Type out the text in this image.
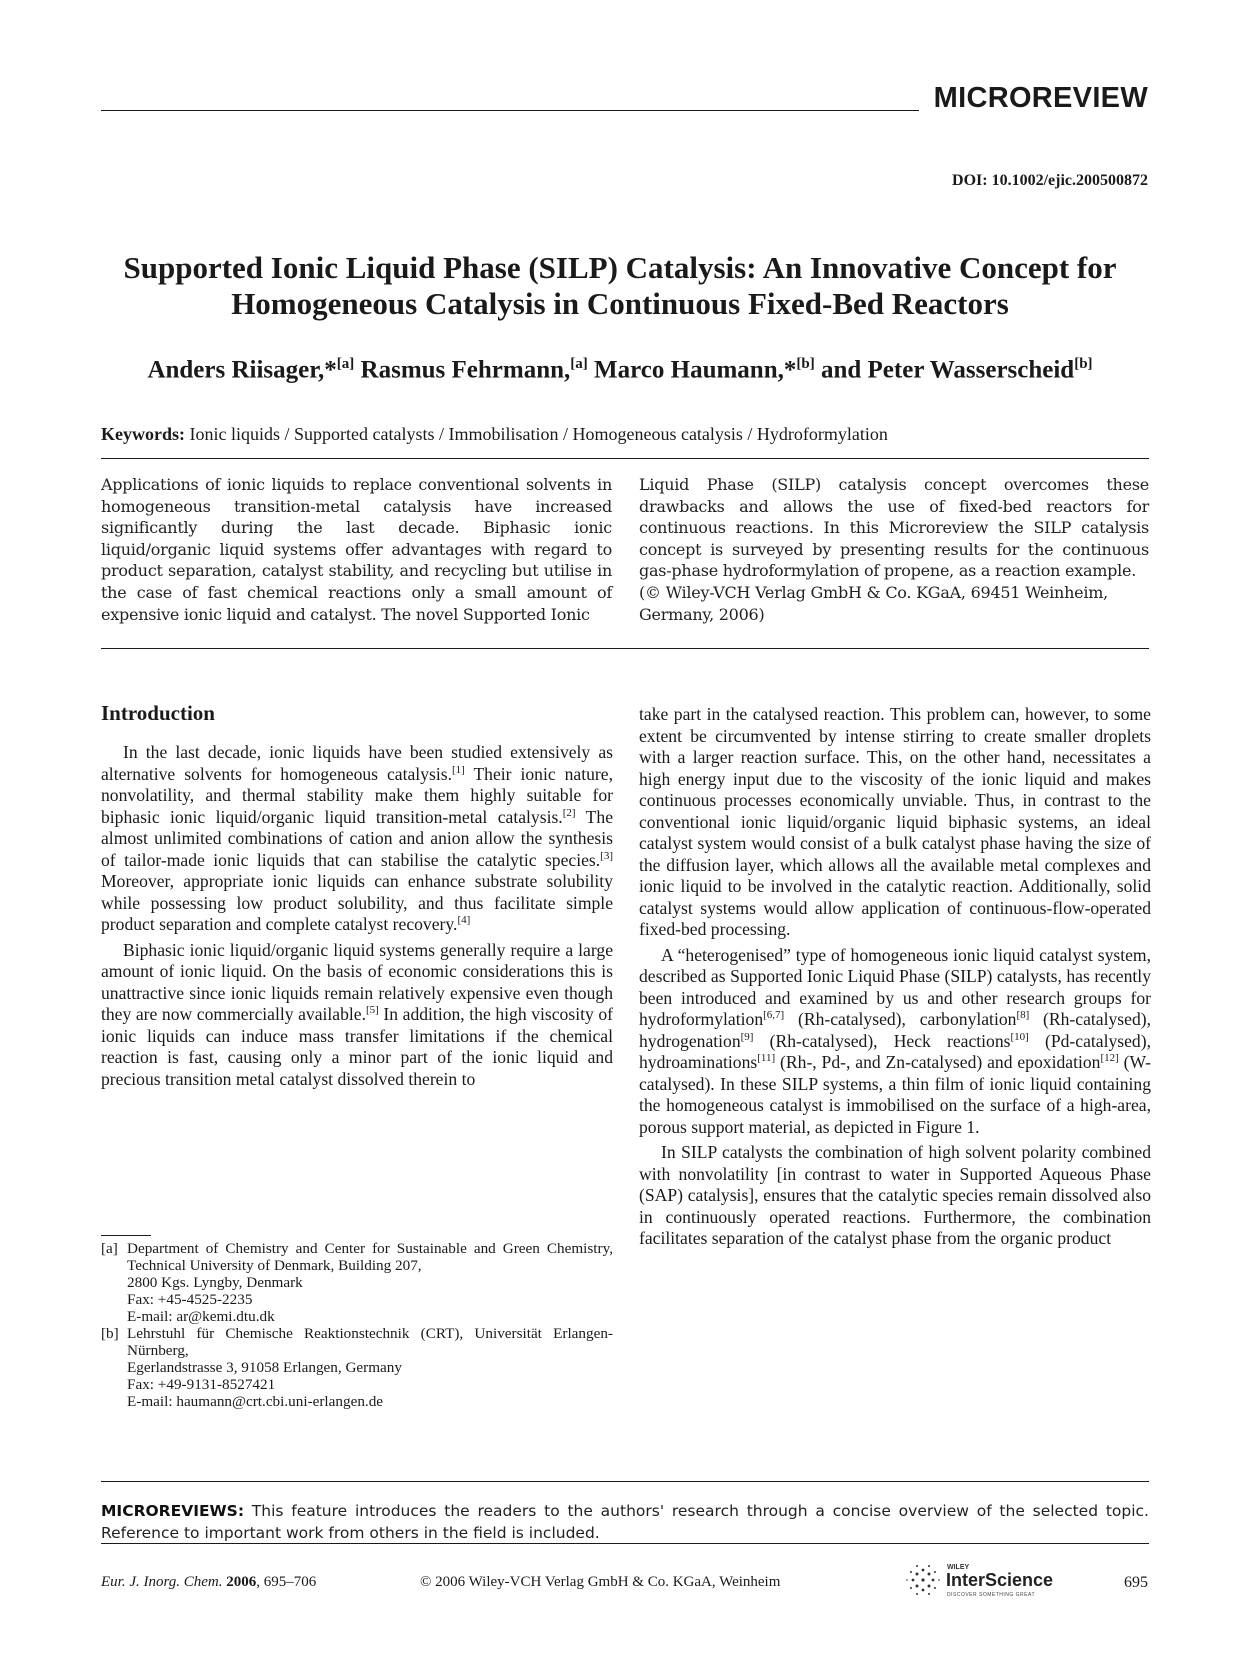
MICROREVIEW
DOI: 10.1002/ejic.200500872
Supported Ionic Liquid Phase (SILP) Catalysis: An Innovative Concept for
Homogeneous Catalysis in Continuous Fixed-Bed Reactors
Anders Riisager,*[a] Rasmus Fehrmann,[a] Marco Haumann,*[b] and Peter Wasserscheid[b]
Keywords: Ionic liquids / Supported catalysts / Immobilisation / Homogeneous catalysis / Hydroformylation
Applications of ionic liquids to replace conventional solvents in homogeneous transition-metal catalysis have increased significantly during the last decade. Biphasic ionic liquid/organic liquid systems offer advantages with regard to product separation, catalyst stability, and recycling but utilise in the case of fast chemical reactions only a small amount of expensive ionic liquid and catalyst. The novel Supported Ionic
Liquid Phase (SILP) catalysis concept overcomes these drawbacks and allows the use of fixed-bed reactors for continuous reactions. In this Microreview the SILP catalysis concept is surveyed by presenting results for the continuous gas-phase hydroformylation of propene, as a reaction example.
(© Wiley-VCH Verlag GmbH & Co. KGaA, 69451 Weinheim,
Germany, 2006)
Introduction

In the last decade, ionic liquids have been studied extensively as alternative solvents for homogeneous catalysis.[1] Their ionic nature, nonvolatility, and thermal stability make them highly suitable for biphasic ionic liquid/organic liquid transition-metal catalysis.[2] The almost unlimited combinations of cation and anion allow the synthesis of tailor-made ionic liquids that can stabilise the catalytic species.[3] Moreover, appropriate ionic liquids can enhance substrate solubility while possessing low product solubility, and thus facilitate simple product separation and complete catalyst recovery.[4]

Biphasic ionic liquid/organic liquid systems generally require a large amount of ionic liquid. On the basis of economic considerations this is unattractive since ionic liquids remain relatively expensive even though they are now commercially available.[5] In addition, the high viscosity of ionic liquids can induce mass transfer limitations if the chemical reaction is fast, causing only a minor part of the ionic liquid and precious transition metal catalyst dissolved therein to

take part in the catalysed reaction. This problem can, however, to some extent be circumvented by intense stirring to create smaller droplets with a larger reaction surface. This, on the other hand, necessitates a high energy input due to the viscosity of the ionic liquid and makes continuous processes economically unviable. Thus, in contrast to the conventional ionic liquid/organic liquid biphasic systems, an ideal catalyst system would consist of a bulk catalyst phase having the size of the diffusion layer, which allows all the available metal complexes and ionic liquid to be involved in the catalytic reaction. Additionally, solid catalyst systems would allow application of continuous-flow-operated fixed-bed processing.

A “heterogenised” type of homogeneous ionic liquid catalyst system, described as Supported Ionic Liquid Phase (SILP) catalysts, has recently been introduced and examined by us and other research groups for hydroformylation[6,7] (Rh-catalysed), carbonylation[8] (Rh-catalysed), hydrogenation[9] (Rh-catalysed), Heck reactions[10] (Pd-catalysed), hydroaminations[11] (Rh-, Pd-, and Zn-catalysed) and epoxidation[12] (W-catalysed). In these SILP systems, a thin film of ionic liquid containing the homogeneous catalyst is immobilised on the surface of a high-area, porous support material, as depicted in Figure 1.

In SILP catalysts the combination of high solvent polarity combined with nonvolatility [in contrast to water in Supported Aqueous Phase (SAP) catalysis], ensures that the catalytic species remain dissolved also in continuously operated reactions. Furthermore, the combination facilitates separation of the catalyst phase from the organic product

[a] Department of Chemistry and Center for Sustainable and Green Chemistry, Technical University of Denmark, Building 207,
2800 Kgs. Lyngby, Denmark
Fax: +45-4525-2235
E-mail: ar@kemi.dtu.dk
[b] Lehrstuhl für Chemische Reaktionstechnik (CRT), Universität Erlangen-Nürnberg,
Egerlandstrasse 3, 91058 Erlangen, Germany
Fax: +49-9131-8527421
E-mail: haumann@crt.cbi.uni-erlangen.de
MICROREVIEWS: This feature introduces the readers to the authors' research through a concise overview of the selected topic. Reference to important work from others in the field is included.
Eur. J. Inorg. Chem. 2006, 695–706	© 2006 Wiley-VCH Verlag GmbH & Co. KGaA, Weinheim
WILEY
InterScience
DISCOVER SOMETHING GREAT
695
